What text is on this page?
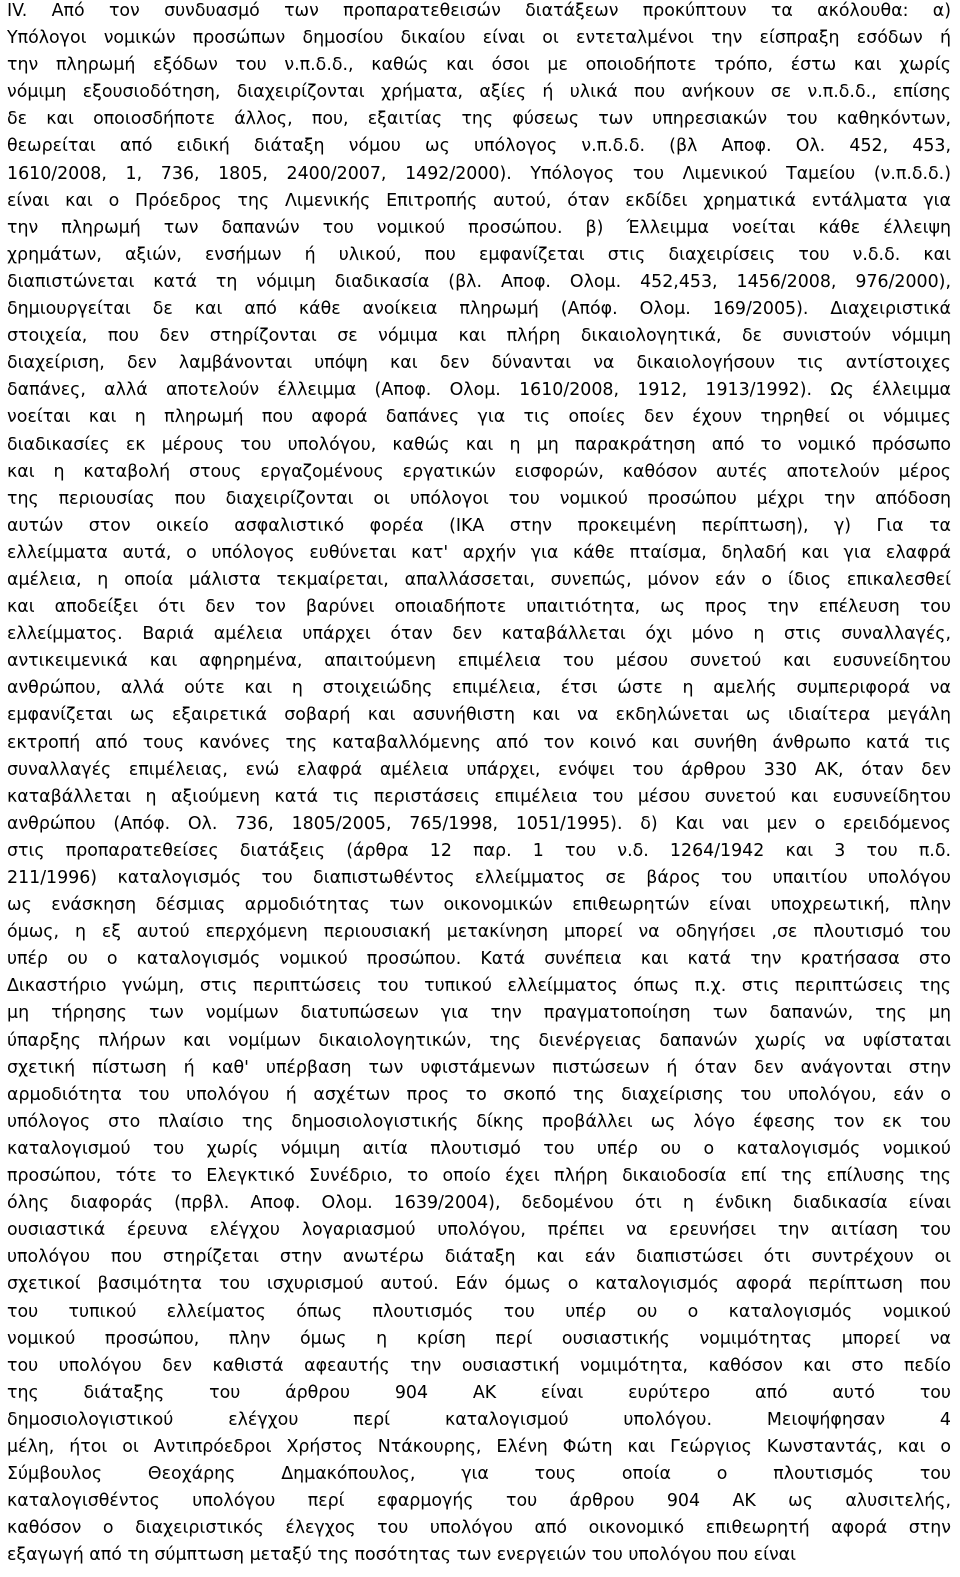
IV. Από τον συνδυασμό των προπαρατεθεισών διατάξεων προκύπτουν τα ακόλουθα: α)
Υπόλογοι νομικών προσώπων δημοσίου δικαίου είναι οι εντεταλμένοι την είσπραξη εσόδων ή
την πληρωμή εξόδων του ν.π.δ.δ., καθώς και όσοι με οποιοδήποτε τρόπο, έστω και χωρίς
νόμιμη εξουσιοδότηση, διαχειρίζονται χρήματα, αξίες ή υλικά που ανήκουν σε ν.π.δ.δ., επίσης
δε και οποιοσδήποτε άλλος, που, εξαιτίας της φύσεως των υπηρεσιακών του καθηκόντων,
θεωρείται από ειδική διάταξη νόμου ως υπόλογος ν.π.δ.δ. (βλ Αποφ. Ολ. 452, 453,
1610/2008, 1, 736, 1805, 2400/2007, 1492/2000). Υπόλογος του Λιμενικού Ταμείου (ν.π.δ.δ.)
είναι και ο Πρόεδρος της Λιμενικής Επιτροπής αυτού, όταν εκδίδει χρηματικά εντάλματα για
την πληρωμή των δαπανών του νομικού προσώπου. β) Έλλειμμα νοείται κάθε έλλειψη
χρημάτων, αξιών, ενσήμων ή υλικού, που εμφανίζεται στις διαχειρίσεις του ν.δ.δ. και
διαπιστώνεται κατά τη νόμιμη διαδικασία (βλ. Αποφ. Ολομ. 452,453, 1456/2008, 976/2000),
δημιουργείται δε και από κάθε ανοίκεια πληρωμή (Απόφ. Ολομ. 169/2005). Διαχειριστικά
στοιχεία, που δεν στηρίζονται σε νόμιμα και πλήρη δικαιολογητικά, δε συνιστούν νόμιμη
διαχείριση, δεν λαμβάνονται υπόψη και δεν δύνανται να δικαιολογήσουν τις αντίστοιχες
δαπάνες, αλλά αποτελούν έλλειμμα (Αποφ. Ολομ. 1610/2008, 1912, 1913/1992). Ως έλλειμμα
νοείται και η πληρωμή που αφορά δαπάνες για τις οποίες δεν έχουν τηρηθεί οι νόμιμες
διαδικασίες εκ μέρους του υπολόγου, καθώς και η μη παρακράτηση από το νομικό πρόσωπο
και η καταβολή στους εργαζομένους εργατικών εισφορών, καθόσον αυτές αποτελούν μέρος
της περιουσίας που διαχειρίζονται οι υπόλογοι του νομικού προσώπου μέχρι την απόδοση
αυτών στον οικείο ασφαλιστικό φορέα (ΙΚΑ στην προκειμένη περίπτωση), γ) Για τα
ελλείμματα αυτά, ο υπόλογος ευθύνεται κατ' αρχήν για κάθε πταίσμα, δηλαδή και για ελαφρά
αμέλεια, η οποία μάλιστα τεκμαίρεται, απαλλάσσεται, συνεπώς, μόνον εάν ο ίδιος επικαλεσθεί
και αποδείξει ότι δεν τον βαρύνει οποιαδήποτε υπαιτιότητα, ως προς την επέλευση του
ελλείμματος. Βαριά αμέλεια υπάρχει όταν δεν καταβάλλεται όχι μόνο η στις συναλλαγές,
αντικειμενικά και αφηρημένα, απαιτούμενη επιμέλεια του μέσου συνετού και ευσυνείδητου
ανθρώπου, αλλά ούτε και η στοιχειώδης επιμέλεια, έτσι ώστε η αμελής συμπεριφορά να
εμφανίζεται ως εξαιρετικά σοβαρή και ασυνήθιστη και να εκδηλώνεται ως ιδιαίτερα μεγάλη
εκτροπή από τους κανόνες της καταβαλλόμενης από τον κοινό και συνήθη άνθρωπο κατά τις
συναλλαγές επιμέλειας, ενώ ελαφρά αμέλεια υπάρχει, ενόψει του άρθρου 330 ΑΚ, όταν δεν
καταβάλλεται η αξιούμενη κατά τις περιστάσεις επιμέλεια του μέσου συνετού και ευσυνείδητου
ανθρώπου (Απόφ. Ολ. 736, 1805/2005, 765/1998, 1051/1995). δ) Και ναι μεν ο ερειδόμενος
στις προπαρατεθείσες διατάξεις (άρθρα 12 παρ. 1 του ν.δ. 1264/1942 και 3 του π.δ.
211/1996) καταλογισμός του διαπιστωθέντος ελλείμματος σε βάρος του υπαιτίου υπολόγου
ως ενάσκηση δέσμιας αρμοδιότητας των οικονομικών επιθεωρητών είναι υποχρεωτική, πλην
όμως, η εξ αυτού επερχόμενη περιουσιακή μετακίνηση μπορεί να οδηγήσει ,σε πλουτισμό του
υπέρ ου ο καταλογισμός νομικού προσώπου. Κατά συνέπεια και κατά την κρατήσασα στο
Δικαστήριο γνώμη, στις περιπτώσεις του τυπικού ελλείμματος όπως π.χ. στις περιπτώσεις της
μη τήρησης των νομίμων διατυπώσεων για την πραγματοποίηση των δαπανών, της μη
ύπαρξης πλήρων και νομίμων δικαιολογητικών, της διενέργειας δαπανών χωρίς να υφίσταται
σχετική πίστωση ή καθ' υπέρβαση των υφιστάμενων πιστώσεων ή όταν δεν ανάγονται στην
αρμοδιότητα του υπολόγου ή ασχέτων προς το σκοπό της διαχείρισης του υπολόγου, εάν ο
υπόλογος στο πλαίσιο της δημοσιολογιστικής δίκης προβάλλει ως λόγο έφεσης τον εκ του
καταλογισμού του χωρίς νόμιμη αιτία πλουτισμό του υπέρ ου ο καταλογισμός νομικού
προσώπου, τότε το Ελεγκτικό Συνέδριο, το οποίο έχει πλήρη δικαιοδοσία επί της επίλυσης της
όλης διαφοράς (πρβλ. Αποφ. Ολομ. 1639/2004), δεδομένου ότι η ένδικη διαδικασία είναι
ουσιαστικά έρευνα ελέγχου λογαριασμού υπολόγου, πρέπει να ερευνήσει την αιτίαση του
υπολόγου που στηρίζεται στην ανωτέρω διάταξη και εάν διαπιστώσει ότι συντρέχουν οι
σχετικοί βασιμότητα του ισχυρισμού αυτού. Εάν όμως ο καταλογισμός αφορά περίπτωση που
του τυπικού ελλείματος όπως πλουτισμός του υπέρ ου ο καταλογισμός νομικού
νομικού προσώπου, πλην όμως η κρίση περί ουσιαστικής νομιμότητας μπορεί να
του υπολόγου δεν καθιστά αφεαυτής την ουσιαστική νομιμότητα, καθόσον και στο πεδίο
της διάταξης του άρθρου 904 ΑΚ είναι ευρύτερο από αυτό του
δημοσιολογιστικού ελέγχου περί καταλογισμού υπολόγου. Μειοψήφησαν 4
μέλη, ήτοι οι Αντιπρόεδροι Χρήστος Ντάκουρης, Ελένη Φώτη και Γεώργιος Κωνσταντάς, και ο
Σύμβουλος Θεοχάρης Δημακόπουλος, για τους οποία ο πλουτισμός του
καταλογισθέντος υπολόγου περί εφαρμογής του άρθρου 904 ΑΚ ως αλυσιτελής,
καθόσον ο διαχειριστικός έλεγχος του υπολόγου από οικονομικό επιθεωρητή αφορά στην
εξαγωγή από τη σύμπτωση μεταξύ της ποσότητας των ενεργειών του υπολόγου που είναι
